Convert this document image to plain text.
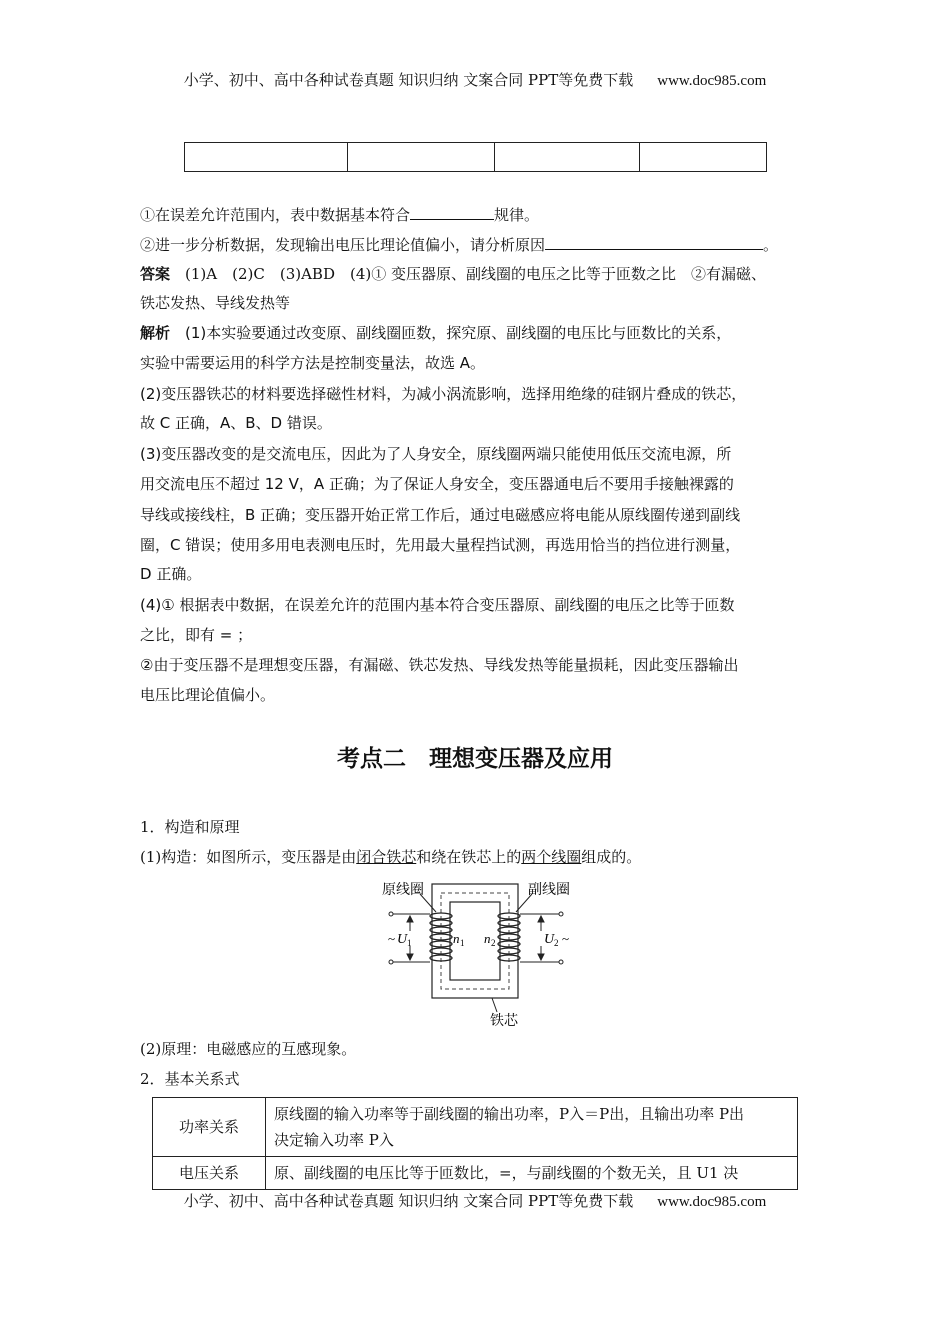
小学、初中、高中各种试卷真题 知识归纳 文案合同 PPT等免费下载 www.doc985.com

①在误差允许范围内，表中数据基本符合	规律。
②进一步分析数据，发现输出电压比理论值偏小，请分析原因	。
答案　 (1)A　(2)C　(3)ABD　(4)① 变压器原、副线圈的电压之比等于匝数之比　②有漏磁、
铁芯发热、导线发热等
解析　 (1)本实验要通过改变原、副线圈匝数，探究原、副线圈的电压比与匝数比的关系，
实验中需要运用的科学方法是控制变量法，故选 A。
(2)变压器铁芯的材料要选择磁性材料，为减小涡流影响，选择用绝缘的硅钢片叠成的铁芯，
故 C 正确，A、B、D 错误。
(3)变压器改变的是交流电压，因此为了人身安全，原线圈两端只能使用低压交流电源，所
用交流电压不超过 12 V，A 正确；为了保证人身安全，变压器通电后不要用手接触裸露的
导线或接线柱，B 正确；变压器开始正常工作后，通过电磁感应将电能从原线圈传递到副线
圈，C 错误；使用多用电表测电压时，先用最大量程挡试测，再选用恰当的挡位进行测量，
D 正确。
(4)① 根据表中数据，在误差允许的范围内基本符合变压器原、副线圈的电压之比等于匝数
之比，即有 = ；
②由于变压器不是理想变压器，有漏磁、铁芯发热、导线发热等能量损耗，因此变压器输出
电压比理论值偏小。
考点二　理想变压器及应用
1．构造和原理
(1)构造：如图所示，变压器是由闭合铁芯和绕在铁芯上的两个线圈组成的。
原线圈	副线圈
铁芯
~ U 1	n 1 n 2	U 2 ~
(2)原理：电磁感应的互感现象。
2．基本关系式
功率关系	原线圈的输入功率等于副线圈的输出功率，P入＝P出，且输出功率 P出
决定输入功率 P入

电压关系	原、副线圈的电压比等于匝数比，=，与副线圈的个数无关，且 U1 决
小学、初中、高中各种试卷真题 知识归纳 文案合同 PPT等免费下载 www.doc985.com
